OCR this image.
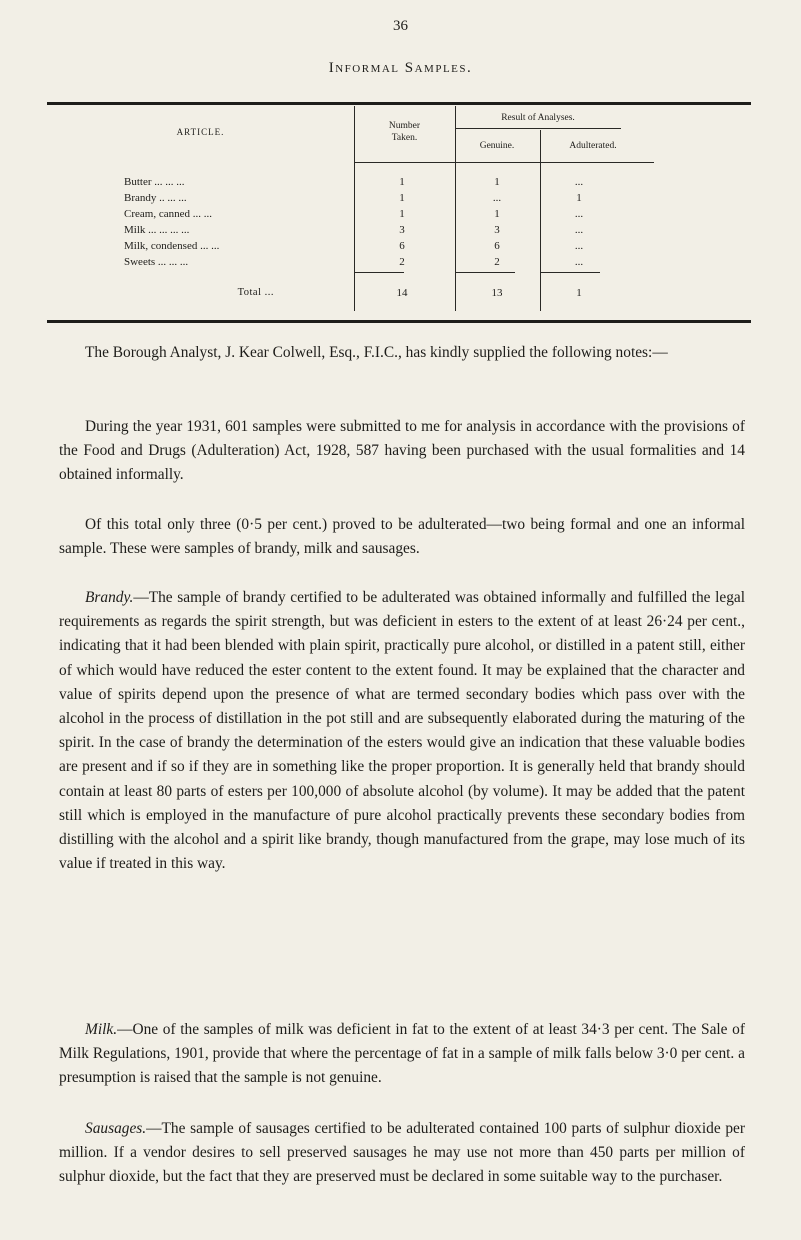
36
Informal Samples.
ARTICLE.
Number
Taken.
Result of Analyses.
Genuine.	Adulterated.
Butter ... ... ...	1	1	...
Brandy .. ... ...	1	...	1
Cream, canned ... ...	1	1	...
Milk ... ... ... ...	3	3	...
Milk, condensed ... ...	6	6	...
Sweets ... ... ...	2	2	...
Total ...	14	13	1

The Borough Analyst, J. Kear Colwell, Esq., F.I.C., has kindly supplied the following notes:—

During the year 1931, 601 samples were submitted to me for analysis in accordance with the provisions of the Food and Drugs (Adulteration) Act, 1928, 587 having been purchased with the usual formalities and 14 obtained informally.

Of this total only three (0·5 per cent.) proved to be adulterated—two being formal and one an informal sample. These were samples of brandy, milk and sausages.

Brandy.—The sample of brandy certified to be adulterated was obtained informally and fulfilled the legal requirements as regards the spirit strength, but was deficient in esters to the extent of at least 26·24 per cent., indicating that it had been blended with plain spirit, practically pure alcohol, or distilled in a patent still, either of which would have reduced the ester content to the extent found. It may be explained that the character and value of spirits depend upon the presence of what are termed secondary bodies which pass over with the alcohol in the process of distillation in the pot still and are subsequently elaborated during the maturing of the spirit. In the case of brandy the determination of the esters would give an indication that these valuable bodies are present and if so if they are in something like the proper proportion. It is generally held that brandy should contain at least 80 parts of esters per 100,000 of absolute alcohol (by volume). It may be added that the patent still which is employed in the manufacture of pure alcohol practically prevents these secondary bodies from distilling with the alcohol and a spirit like brandy, though manufactured from the grape, may lose much of its value if treated in this way.

Milk.—One of the samples of milk was deficient in fat to the extent of at least 34·3 per cent. The Sale of Milk Regulations, 1901, provide that where the percentage of fat in a sample of milk falls below 3·0 per cent. a presumption is raised that the sample is not genuine.

Sausages.—The sample of sausages certified to be adulterated contained 100 parts of sulphur dioxide per million. If a vendor desires to sell preserved sausages he may use not more than 450 parts per million of sulphur dioxide, but the fact that they are preserved must be declared in some suitable way to the purchaser.
